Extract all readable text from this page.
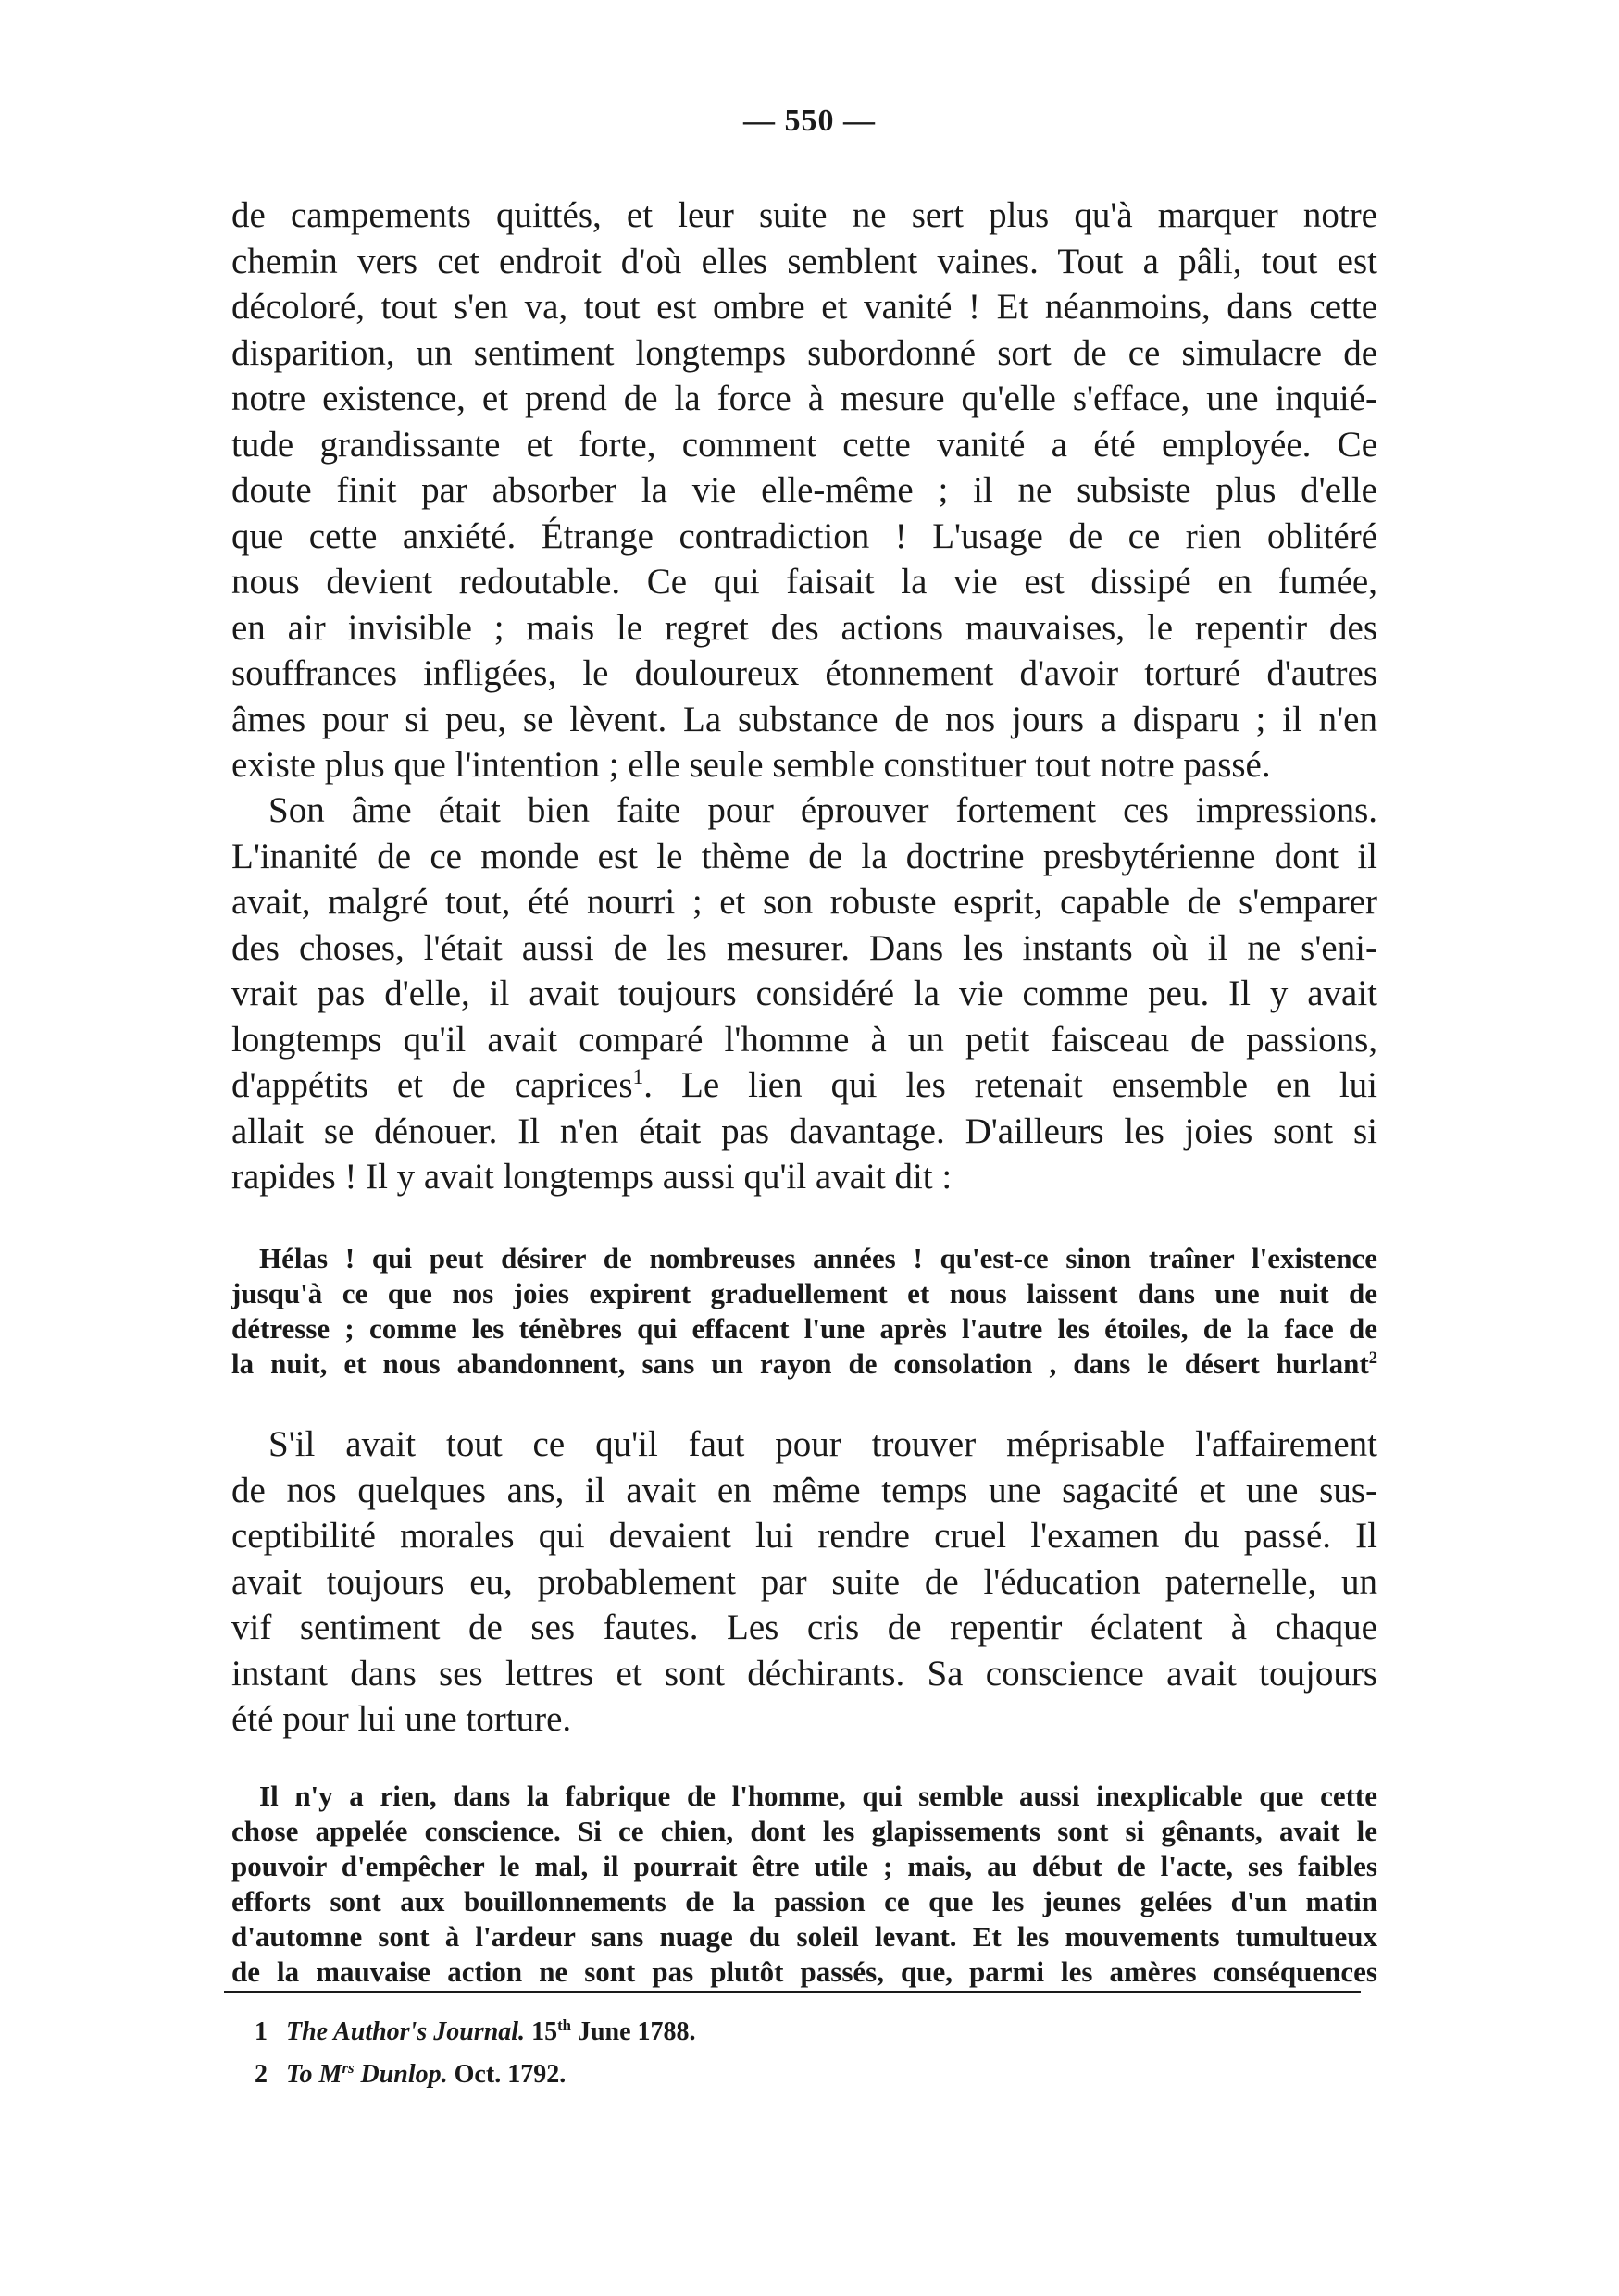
— 550 —
de campements quittés, et leur suite ne sert plus qu'à marquer notre
chemin vers cet endroit d'où elles semblent vaines. Tout a pâli, tout est
décoloré, tout s'en va, tout est ombre et vanité ! Et néanmoins, dans cette
disparition, un sentiment longtemps subordonné sort de ce simulacre de
notre existence, et prend de la force à mesure qu'elle s'efface, une inquié-
tude grandissante et forte, comment cette vanité a été employée. Ce
doute finit par absorber la vie elle-même ; il ne subsiste plus d'elle
que cette anxiété. Étrange contradiction ! L'usage de ce rien oblitéré
nous devient redoutable. Ce qui faisait la vie est dissipé en fumée,
en air invisible ; mais le regret des actions mauvaises, le repentir des
souffrances infligées, le douloureux étonnement d'avoir torturé d'autres
âmes pour si peu, se lèvent. La substance de nos jours a disparu ; il n'en
existe plus que l'intention ; elle seule semble constituer tout notre passé.
Son âme était bien faite pour éprouver fortement ces impressions.
L'inanité de ce monde est le thème de la doctrine presbytérienne dont il
avait, malgré tout, été nourri ; et son robuste esprit, capable de s'emparer
des choses, l'était aussi de les mesurer. Dans les instants où il ne s'eni-
vrait pas d'elle, il avait toujours considéré la vie comme peu. Il y avait
longtemps qu'il avait comparé l'homme à un petit faisceau de passions,
d'appétits et de caprices$^1$. Le lien qui les retenait ensemble en lui
allait se dénouer. Il n'en était pas davantage. D'ailleurs les joies sont si
rapides ! Il y avait longtemps aussi qu'il avait dit :
Hélas ! qui peut désirer de nombreuses années ! qu'est-ce sinon traîner l'existence
jusqu'à ce que nos joies expirent graduellement et nous laissent dans une nuit de
détresse ; comme les ténèbres qui effacent l'une après l'autre les étoiles, de la face de
la nuit, et nous abandonnent, sans un rayon de consolation , dans le désert hurlant$^2$
S'il avait tout ce qu'il faut pour trouver méprisable l'affairement
de nos quelques ans, il avait en même temps une sagacité et une sus-
ceptibilité morales qui devaient lui rendre cruel l'examen du passé. Il
avait toujours eu, probablement par suite de l'éducation paternelle, un
vif sentiment de ses fautes. Les cris de repentir éclatent à chaque
instant dans ses lettres et sont déchirants. Sa conscience avait toujours
été pour lui une torture.
Il n'y a rien, dans la fabrique de l'homme, qui semble aussi inexplicable que cette
chose appelée conscience. Si ce chien, dont les glapissements sont si gênants, avait le
pouvoir d'empêcher le mal, il pourrait être utile ; mais, au début de l'acte, ses faibles
efforts sont aux bouillonnements de la passion ce que les jeunes gelées d'un matin
d'automne sont à l'ardeur sans nuage du soleil levant. Et les mouvements tumultueux
de la mauvaise action ne sont pas plutôt passés, que, parmi les amères conséquences
1 The Author's Journal. 15th June 1788.
2 To $M^{rs}$ Dunlop. Oct. 1792.
